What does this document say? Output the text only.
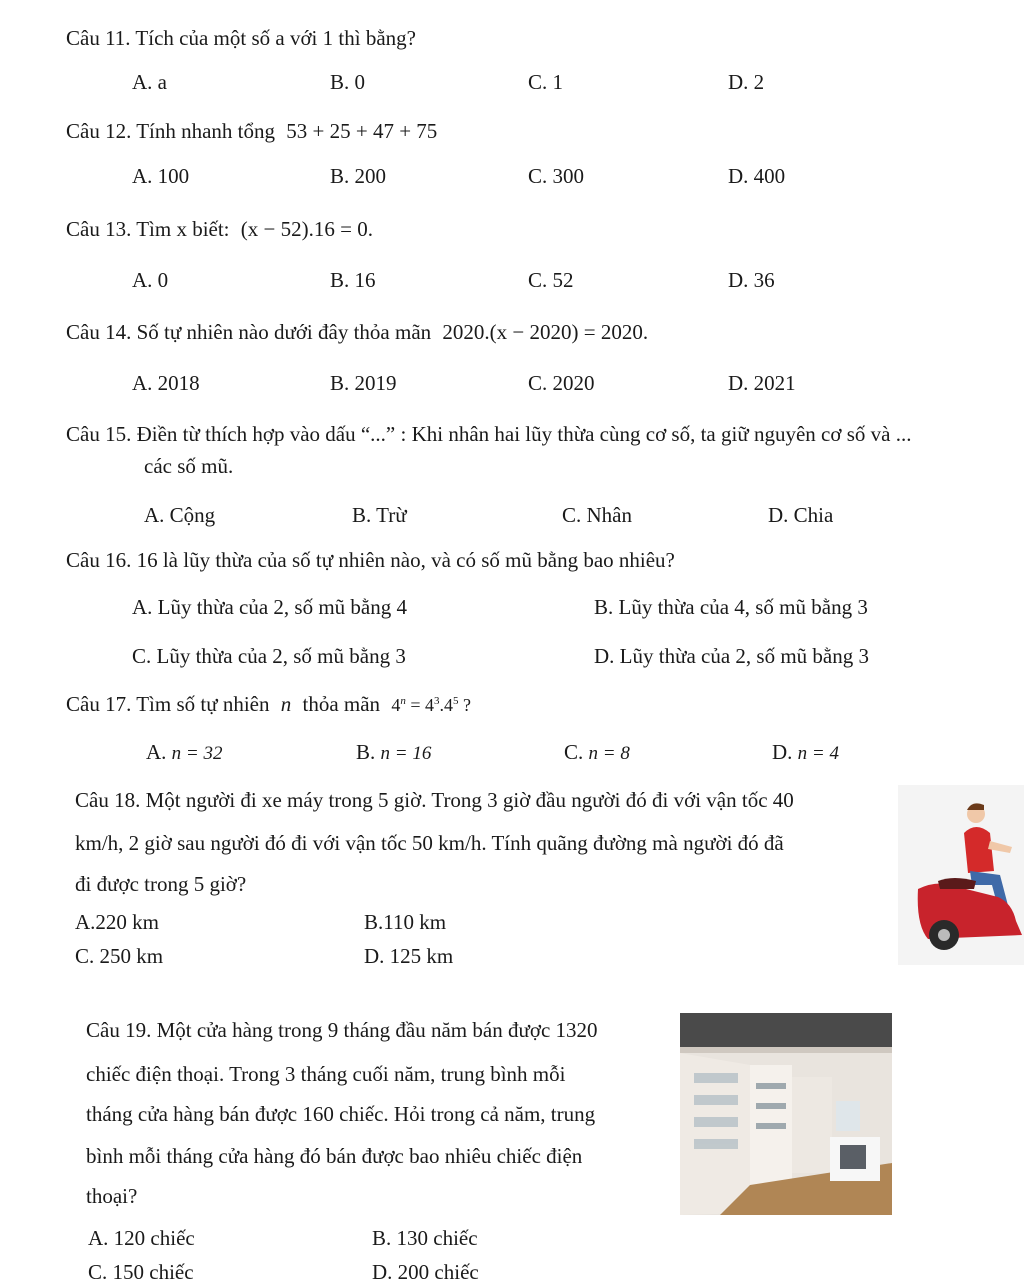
Câu 11. Tích của một số a với 1 thì bằng?
A. a	B. 0	C. 1	D. 2
Câu 12. Tính nhanh tổng 53 + 25 + 47 + 75
A. 100	B. 200	C. 300	D. 400
Câu 13. Tìm x biết: (x − 52).16 = 0.
A. 0	B. 16	C. 52	D. 36
Câu 14. Số tự nhiên nào dưới đây thỏa mãn 2020.(x − 2020) = 2020.
A. 2018	B. 2019	C. 2020	D. 2021
Câu 15. Điền từ thích hợp vào dấu “...” : Khi nhân hai lũy thừa cùng cơ số, ta giữ nguyên cơ số và ...
các số mũ.
A. Cộng	B. Trừ	C. Nhân	D. Chia
Câu 16. 16 là lũy thừa của số tự nhiên nào, và có số mũ bằng bao nhiêu?
A. Lũy thừa của 2, số mũ bằng 4	B. Lũy thừa của 4, số mũ bằng 3
C. Lũy thừa của 2, số mũ bằng 3	D. Lũy thừa của 2, số mũ bằng 3
Câu 17. Tìm số tự nhiên n thỏa mãn $4^n = 4^3.4^5$ ?
A. n = 32	B. n = 16	C. n = 8	D. n = 4
Câu 18. Một người đi xe máy trong 5 giờ. Trong 3 giờ đầu người đó đi với vận tốc 40
km/h, 2 giờ sau người đó đi với vận tốc 50 km/h. Tính quãng đường mà người đó đã
đi được trong 5 giờ?
A.220 km	B.110 km
C. 250 km	D. 125 km
Câu 19. Một cửa hàng trong 9 tháng đầu năm bán được 1320
chiếc điện thoại. Trong 3 tháng cuối năm, trung bình mỗi
tháng cửa hàng bán được 160 chiếc. Hỏi trong cả năm, trung
bình mỗi tháng cửa hàng đó bán được bao nhiêu chiếc điện
thoại?
A. 120 chiếc	B. 130 chiếc
C. 150 chiếc	D. 200 chiếc
